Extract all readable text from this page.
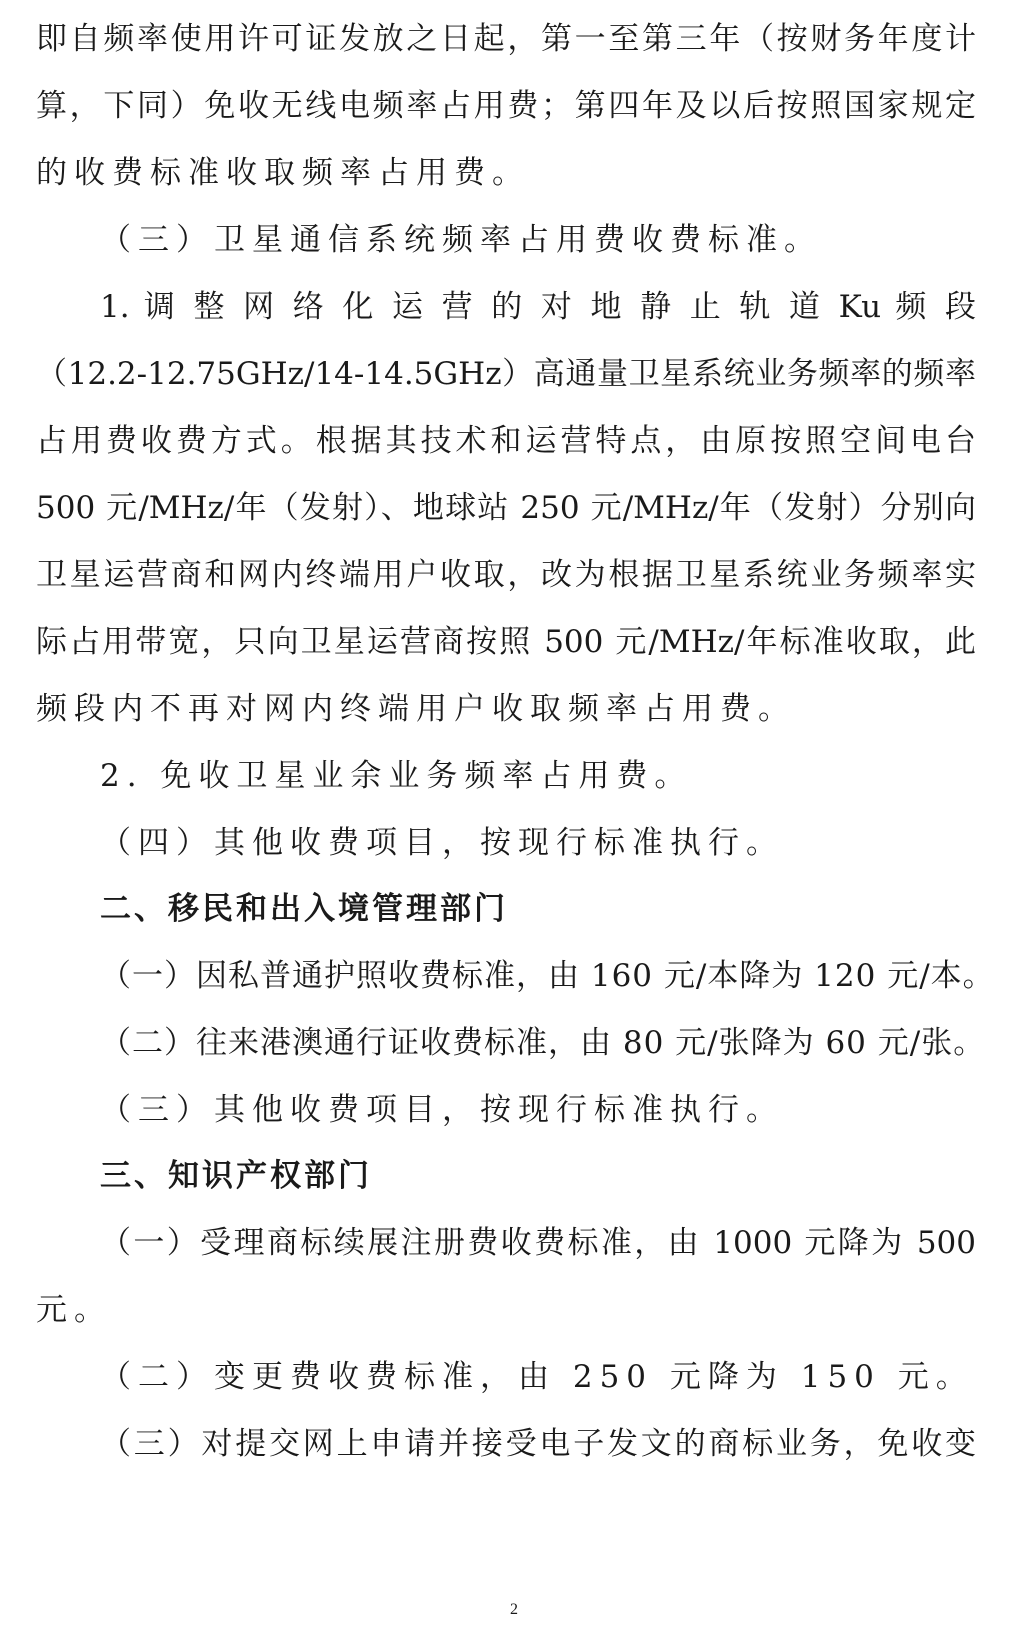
即自频率使用许可证发放之日起，第一至第三年（按财务年度计
算，下同）免收无线电频率占用费；第四年及以后按照国家规定
的收费标准收取频率占用费。
（三）卫星通信系统频率占用费收费标准。
1. 调 整 网 络 化 运 营 的 对 地 静 止 轨 道 Ku 频 段
（12.2-12.75GHz/14-14.5GHz）高通量卫星系统业务频率的频率
占用费收费方式。根据其技术和运营特点，由原按照空间电台
500 元/MHz/年（发射）、地球站 250 元/MHz/年（发射）分别向
卫星运营商和网内终端用户收取，改为根据卫星系统业务频率实
际占用带宽，只向卫星运营商按照 500 元/MHz/年标准收取，此
频段内不再对网内终端用户收取频率占用费。
2. 免收卫星业余业务频率占用费。
（四）其他收费项目，按现行标准执行。
二、移民和出入境管理部门
（一）因私普通护照收费标准，由 160 元/本降为 120 元/本。
（二）往来港澳通行证收费标准，由 80 元/张降为 60 元/张。
（三）其他收费项目，按现行标准执行。
三、知识产权部门
（一）受理商标续展注册费收费标准，由 1000 元降为 500
元。
（二）变更费收费标准，由 250 元降为 150 元。
（三）对提交网上申请并接受电子发文的商标业务，免收变
2
